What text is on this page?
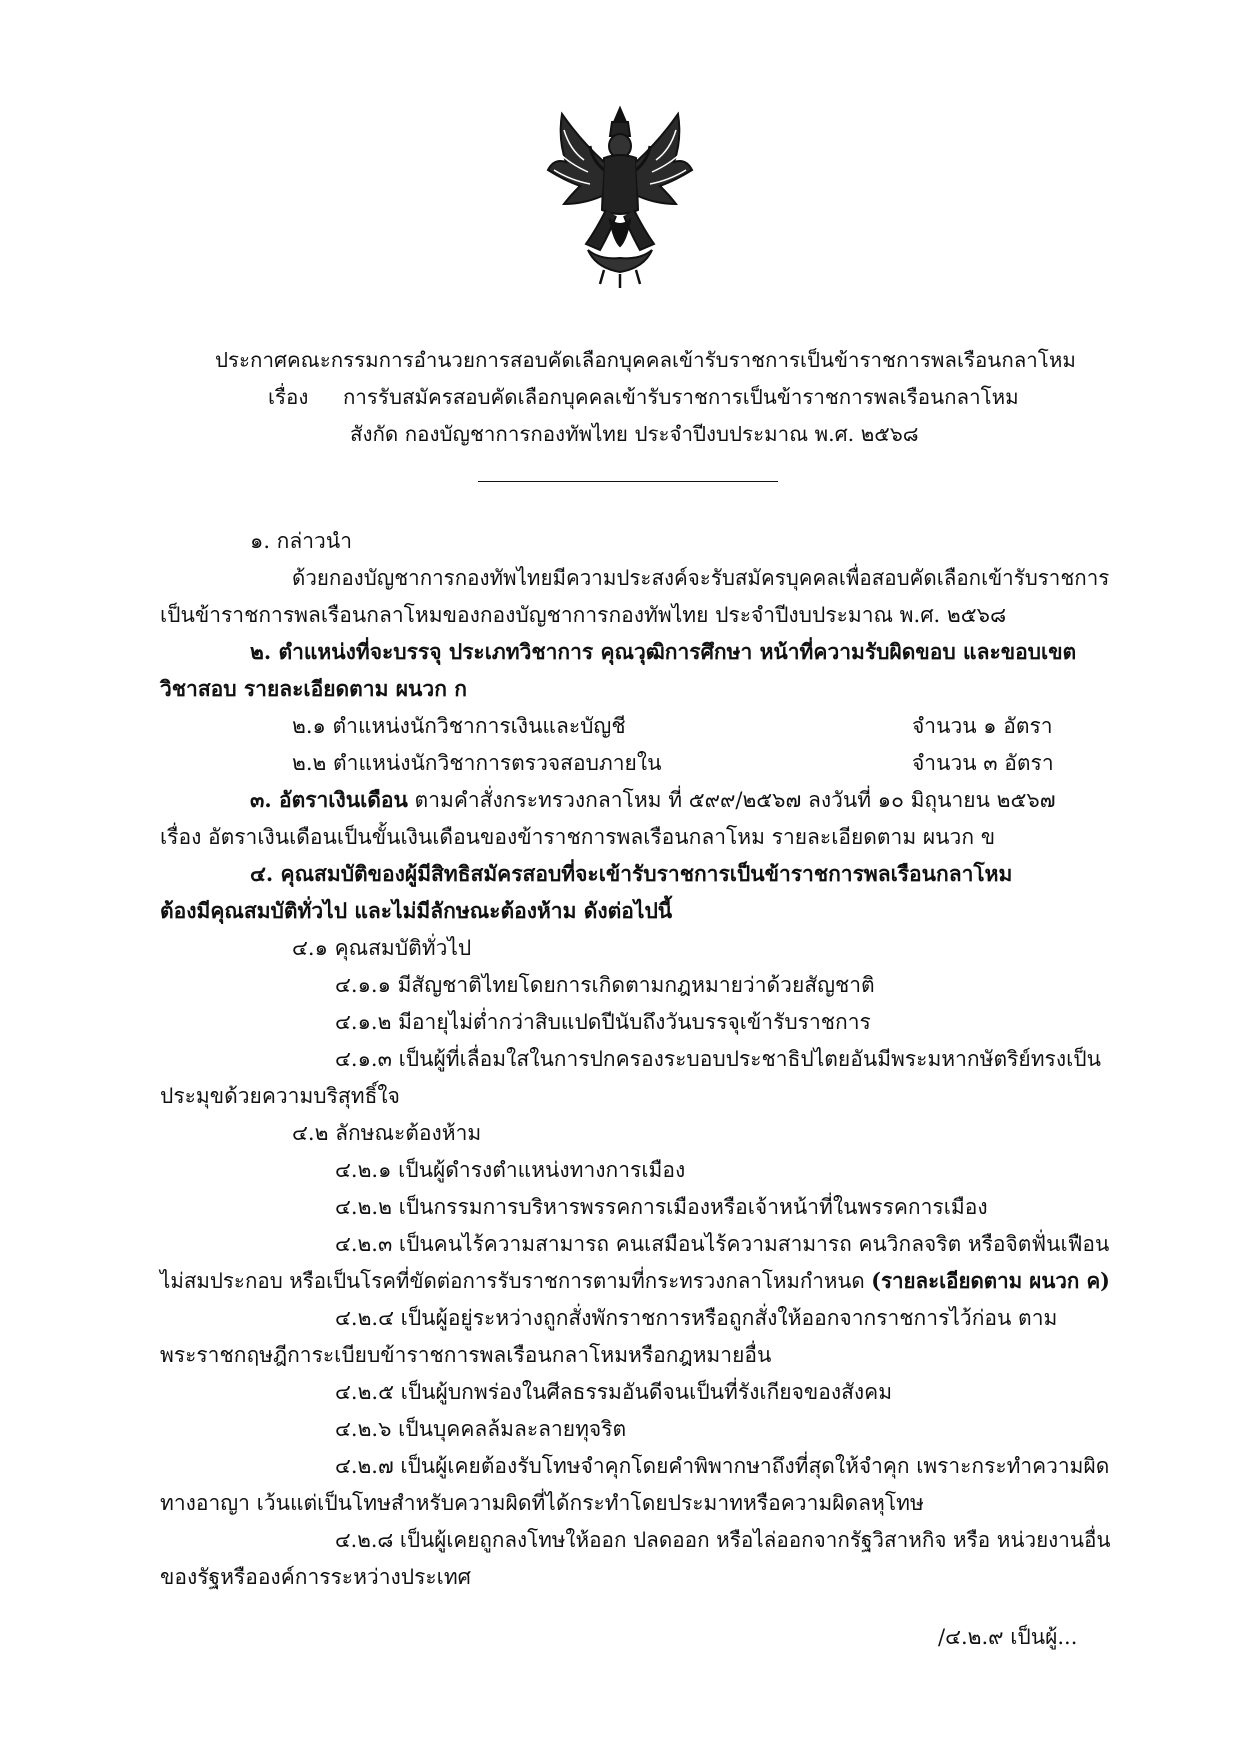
ประกาศคณะกรรมการอำนวยการสอบคัดเลือกบุคคลเข้ารับราชการเป็นข้าราชการพลเรือนกลาโหม
เรื่อง การรับสมัครสอบคัดเลือกบุคคลเข้ารับราชการเป็นข้าราชการพลเรือนกลาโหม
สังกัด กองบัญชาการกองทัพไทย ประจำปีงบประมาณ พ.ศ. ๒๕๖๘
๑. กล่าวนำ
ด้วยกองบัญชาการกองทัพไทยมีความประสงค์จะรับสมัครบุคคลเพื่อสอบคัดเลือกเข้ารับราชการ
เป็นข้าราชการพลเรือนกลาโหมของกองบัญชาการกองทัพไทย ประจำปีงบประมาณ พ.ศ. ๒๕๖๘
๒. ตำแหน่งที่จะบรรจุ ประเภทวิชาการ คุณวุฒิการศึกษา หน้าที่ความรับผิดขอบ และขอบเขต
วิชาสอบ รายละเอียดตาม ผนวก ก
๒.๑ ตำแหน่งนักวิชาการเงินและบัญชี	จำนวน ๑ อัตรา
๒.๒ ตำแหน่งนักวิชาการตรวจสอบภายใน	จำนวน ๓ อัตรา
๓. อัตราเงินเดือน ตามคำสั่งกระทรวงกลาโหม ที่ ๕๙๙/๒๕๖๗ ลงวันที่ ๑๐ มิถุนายน ๒๕๖๗
เรื่อง อัตราเงินเดือนเป็นขั้นเงินเดือนของข้าราชการพลเรือนกลาโหม รายละเอียดตาม ผนวก ข
๔. คุณสมบัติของผู้มีสิทธิสมัครสอบที่จะเข้ารับราชการเป็นข้าราชการพลเรือนกลาโหม
ต้องมีคุณสมบัติทั่วไป และไม่มีลักษณะต้องห้าม ดังต่อไปนี้
๔.๑ คุณสมบัติทั่วไป
๔.๑.๑ มีสัญชาติไทยโดยการเกิดตามกฎหมายว่าด้วยสัญชาติ
๔.๑.๒ มีอายุไม่ต่ำกว่าสิบแปดปีนับถึงวันบรรจุเข้ารับราชการ
๔.๑.๓ เป็นผู้ที่เลื่อมใสในการปกครองระบอบประชาธิปไตยอันมีพระมหากษัตริย์ทรงเป็น
ประมุขด้วยความบริสุทธิ์ใจ
๔.๒ ลักษณะต้องห้าม
๔.๒.๑ เป็นผู้ดำรงตำแหน่งทางการเมือง
๔.๒.๒ เป็นกรรมการบริหารพรรคการเมืองหรือเจ้าหน้าที่ในพรรคการเมือง
๔.๒.๓ เป็นคนไร้ความสามารถ คนเสมือนไร้ความสามารถ คนวิกลจริต หรือจิตฟั่นเฟือน
ไม่สมประกอบ หรือเป็นโรคที่ขัดต่อการรับราชการตามที่กระทรวงกลาโหมกำหนด (รายละเอียดตาม ผนวก ค)
๔.๒.๔ เป็นผู้อยู่ระหว่างถูกสั่งพักราชการหรือถูกสั่งให้ออกจากราชการไว้ก่อน ตาม
พระราชกฤษฎีการะเบียบข้าราชการพลเรือนกลาโหมหรือกฎหมายอื่น
๔.๒.๕ เป็นผู้บกพร่องในศีลธรรมอันดีจนเป็นที่รังเกียจของสังคม
๔.๒.๖ เป็นบุคคลล้มละลายทุจริต
๔.๒.๗ เป็นผู้เคยต้องรับโทษจำคุกโดยคำพิพากษาถึงที่สุดให้จำคุก เพราะกระทำความผิด
ทางอาญา เว้นแต่เป็นโทษสำหรับความผิดที่ได้กระทำโดยประมาทหรือความผิดลหุโทษ
๔.๒.๘ เป็นผู้เคยถูกลงโทษให้ออก ปลดออก หรือไล่ออกจากรัฐวิสาหกิจ หรือ หน่วยงานอื่น
ของรัฐหรือองค์การระหว่างประเทศ
/๔.๒.๙ เป็นผู้...
